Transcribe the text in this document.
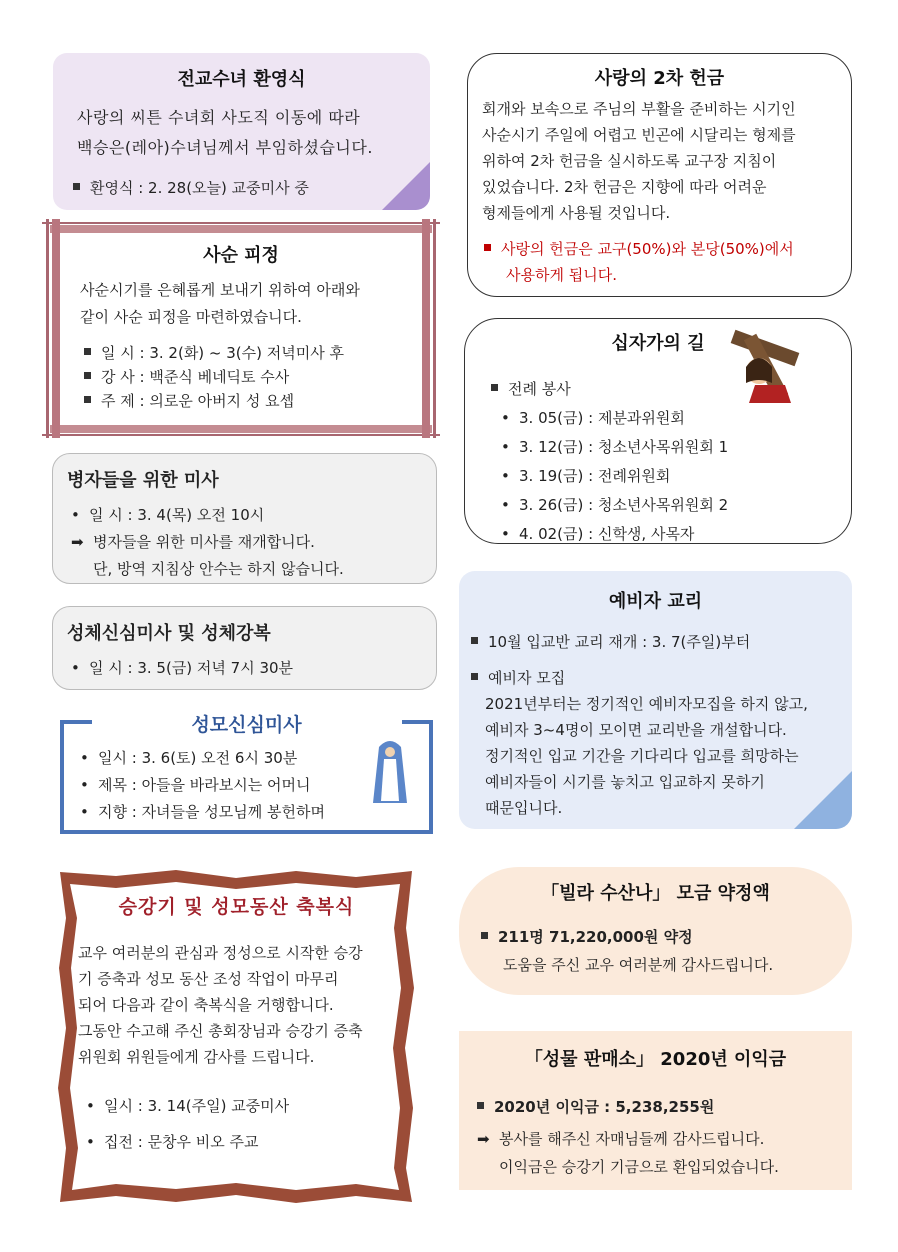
전교수녀 환영식
사랑의 씨튼 수녀회 사도직 이동에 따라
백승은(레아)수녀님께서 부임하셨습니다.
환영식 : 2. 28(오늘) 교중미사 중
사랑의 2차 헌금
회개와 보속으로 주님의 부활을 준비하는 시기인
사순시기 주일에 어렵고 빈곤에 시달리는 형제를
위하여 2차 헌금을 실시하도록 교구장 지침이
있었습니다. 2차 헌금은 지향에 따라 어려운
형제들에게 사용될 것입니다.
사랑의 헌금은 교구(50%)와 본당(50%)에서
사용하게 됩니다.
사순 피정
사순시기를 은혜롭게 보내기 위하여 아래와
같이 사순 피정을 마련하였습니다.
일 시 : 3. 2(화) ~ 3(수) 저녁미사 후
강 사 : 백준식 베네딕토 수사
주 제 : 의로운 아버지 성 요셉
십자가의 길
전례 봉사
• 3. 05(금) : 제분과위원회
• 3. 12(금) : 청소년사목위원회 1
• 3. 19(금) : 전례위원회
• 3. 26(금) : 청소년사목위원회 2
• 4. 02(금) : 신학생, 사목자
병자들을 위한 미사
• 일 시 : 3. 4(목) 오전 10시
➡ 병자들을 위한 미사를 재개합니다.
단, 방역 지침상 안수는 하지 않습니다.
예비자 교리
10월 입교반 교리 재개 : 3. 7(주일)부터
예비자 모집
2021년부터는 정기적인 예비자모집을 하지 않고,
예비자 3~4명이 모이면 교리반을 개설합니다.
정기적인 입교 기간을 기다리다 입교를 희망하는
예비자들이 시기를 놓치고 입교하지 못하기
때문입니다.
성체신심미사 및 성체강복
• 일 시 : 3. 5(금) 저녁 7시 30분
성모신심미사
• 일시 : 3. 6(토) 오전 6시 30분
• 제목 : 아들을 바라보시는 어머니
• 지향 : 자녀들을 성모님께 봉헌하며
승강기 및 성모동산 축복식
교우 여러분의 관심과 정성으로 시작한 승강
기 증축과 성모 동산 조성 작업이 마무리
되어 다음과 같이 축복식을 거행합니다.
그동안 수고해 주신 총회장님과 승강기 증축
위원회 위원들에게 감사를 드립니다.
• 일시 : 3. 14(주일) 교중미사
• 집전 : 문창우 비오 주교
「빌라 수산나」 모금 약정액
211명 71,220,000원 약정
도움을 주신 교우 여러분께 감사드립니다.
「성물 판매소」 2020년 이익금
2020년 이익금 : 5,238,255원
➡ 봉사를 해주신 자매님들께 감사드립니다.
이익금은 승강기 기금으로 환입되었습니다.
